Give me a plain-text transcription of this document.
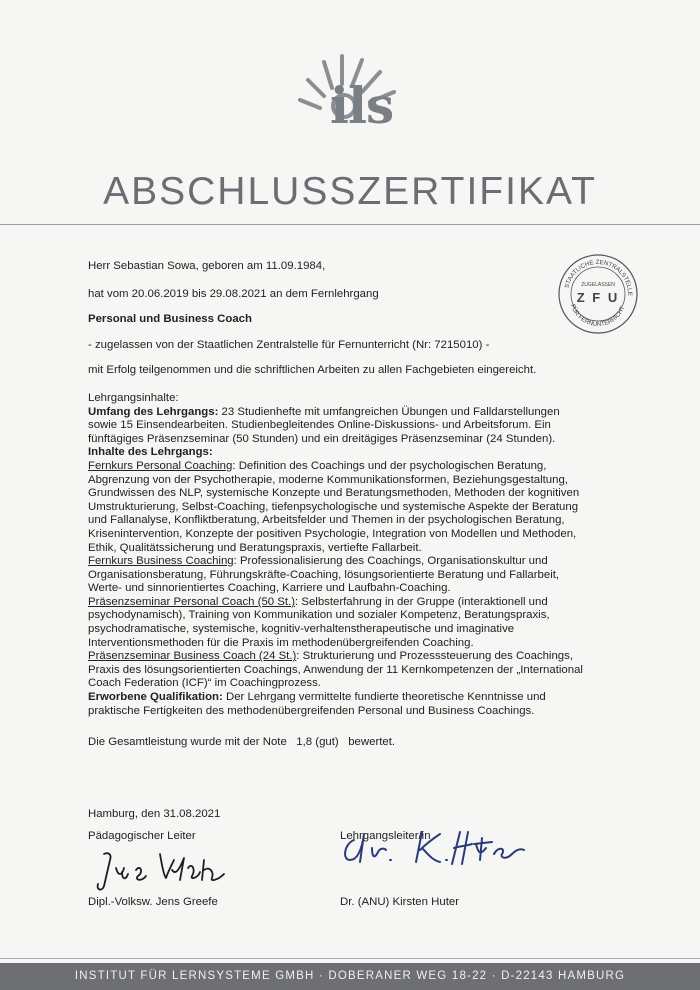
ils
ABSCHLUSSZERTIFIKAT
STAATLICHE ZENTRALSTELLE
FÜR FERNUNTERRICHT
ZUGELASSEN
Z F U
Herr Sebastian Sowa, geboren am 11.09.1984,
hat vom 20.06.2019 bis 29.08.2021 an dem Fernlehrgang
Personal und Business Coach
- zugelassen von der Staatlichen Zentralstelle für Fernunterricht (Nr: 7215010) -
mit Erfolg teilgenommen und die schriftlichen Arbeiten zu allen Fachgebieten eingereicht.
Lehrgangsinhalte:
Umfang des Lehrgangs: 23 Studienhefte mit umfangreichen Übungen und Falldarstellungen
sowie 15 Einsendearbeiten. Studienbegleitendes Online-Diskussions- und Arbeitsforum. Ein
fünftägiges Präsenzseminar (50 Stunden) und ein dreitägiges Präsenzseminar (24 Stunden).
Inhalte des Lehrgangs:
Fernkurs Personal Coaching: Definition des Coachings und der psychologischen Beratung,
Abgrenzung von der Psychotherapie, moderne Kommunikationsformen, Beziehungsgestaltung,
Grundwissen des NLP, systemische Konzepte und Beratungsmethoden, Methoden der kognitiven
Umstrukturierung, Selbst-Coaching, tiefenpsychologische und systemische Aspekte der Beratung
und Fallanalyse, Konfliktberatung, Arbeitsfelder und Themen in der psychologischen Beratung,
Krisenintervention, Konzepte der positiven Psychologie, Integration von Modellen und Methoden,
Ethik, Qualitätssicherung und Beratungspraxis, vertiefte Fallarbeit.
Fernkurs Business Coaching: Professionalisierung des Coachings, Organisationskultur und
Organisationsberatung, Führungskräfte-Coaching, lösungsorientierte Beratung und Fallarbeit,
Werte- und sinnorientiertes Coaching, Karriere und Laufbahn-Coaching.
Präsenzseminar Personal Coach (50 St.): Selbsterfahrung in der Gruppe (interaktionell und
psychodynamisch), Training von Kommunikation und sozialer Kompetenz, Beratungspraxis,
psychodramatische, systemische, kognitiv-verhaltenstherapeutische und imaginative
Interventionsmethoden für die Praxis im methodenübergreifenden Coaching.
Präsenzseminar Business Coach (24 St.): Strukturierung und Prozesssteuerung des Coachings,
Praxis des lösungsorientierten Coachings, Anwendung der 11 Kernkompetenzen der „International
Coach Federation (ICF)“ im Coachingprozess.
Erworbene Qualifikation: Der Lehrgang vermittelte fundierte theoretische Kenntnisse und
praktische Fertigkeiten des methodenübergreifenden Personal und Business Coachings.
Die Gesamtleistung wurde mit der Note 1,8 (gut) bewertet.
Hamburg, den 31.08.2021
Pädagogischer Leiter	Lehrgangsleiter/in
Dipl.-Volksw. Jens Greefe	Dr. (ANU) Kirsten Huter
INSTITUT FÜR LERNSYSTEME GMBH · DOBERANER WEG 18-22 · D-22143 HAMBURG
